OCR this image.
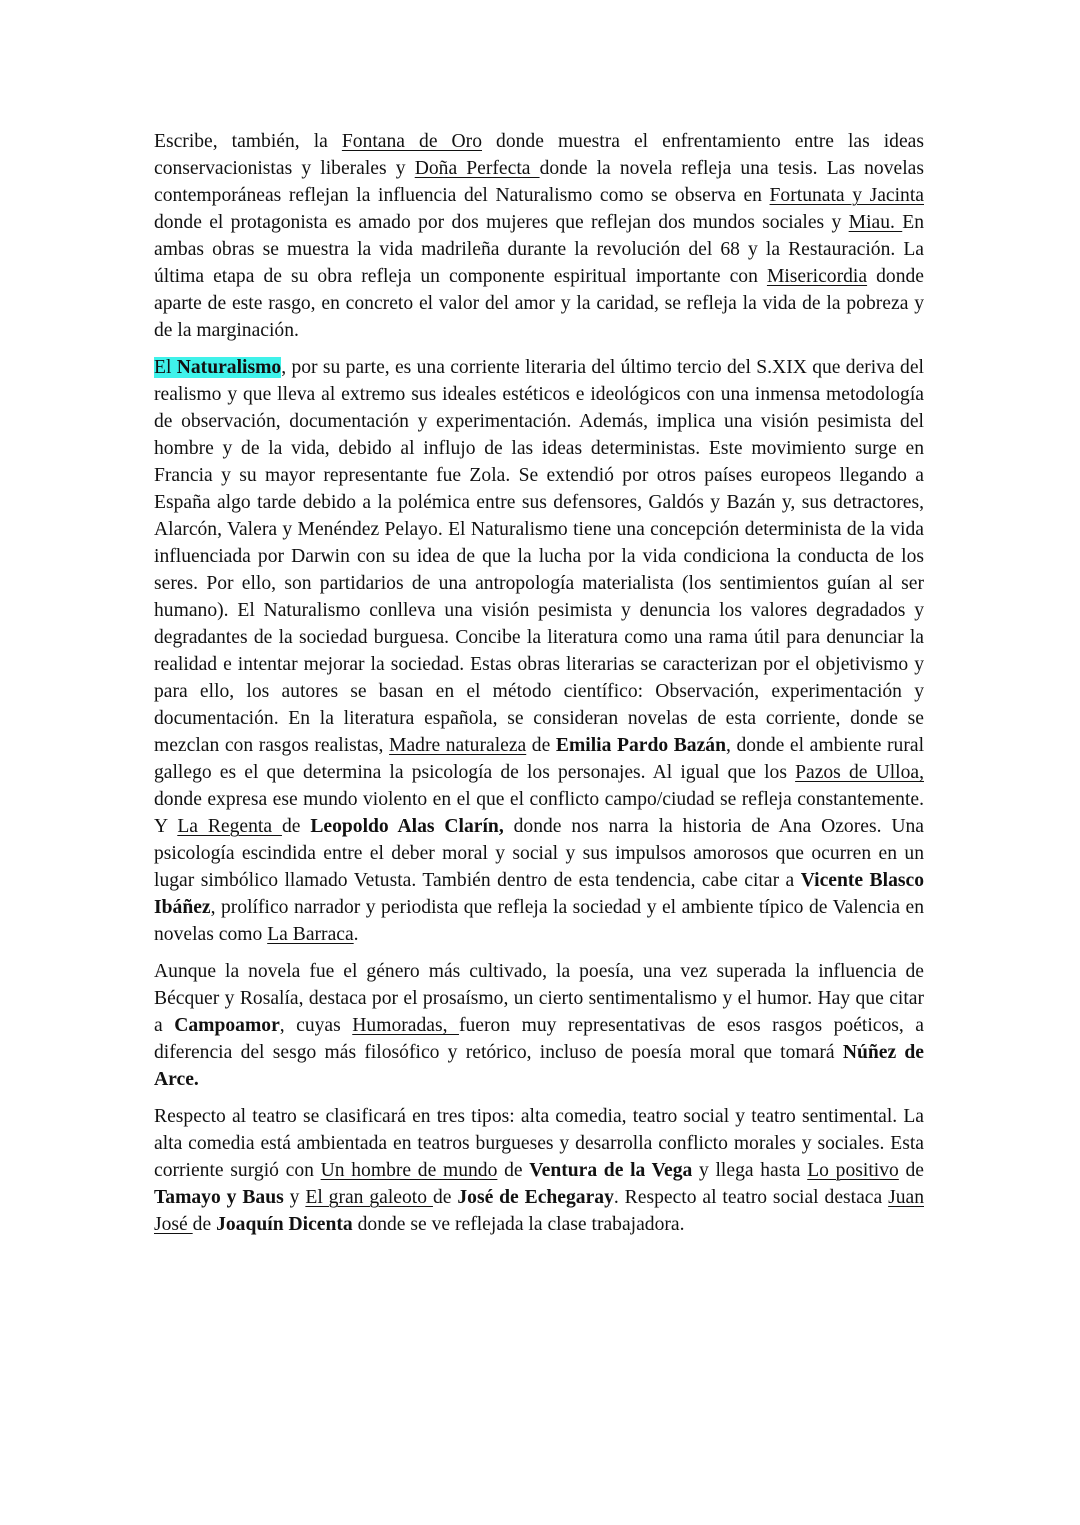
Escribe, también, la Fontana de Oro donde muestra el enfrentamiento entre las ideas conservacionistas y liberales y Doña Perfecta donde la novela refleja una tesis. Las novelas contemporáneas reflejan la influencia del Naturalismo como se observa en Fortunata y Jacinta donde el protagonista es amado por dos mujeres que reflejan dos mundos sociales y Miau. En ambas obras se muestra la vida madrileña durante la revolución del 68 y la Restauración. La última etapa de su obra refleja un componente espiritual importante con Misericordia donde aparte de este rasgo, en concreto el valor del amor y la caridad, se refleja la vida de la pobreza y de la marginación.

El Naturalismo, por su parte, es una corriente literaria del último tercio del S.XIX que deriva del realismo y que lleva al extremo sus ideales estéticos e ideológicos con una inmensa metodología de observación, documentación y experimentación. Además, implica una visión pesimista del hombre y de la vida, debido al influjo de las ideas deterministas. Este movimiento surge en Francia y su mayor representante fue Zola. Se extendió por otros países europeos llegando a España algo tarde debido a la polémica entre sus defensores, Galdós y Bazán y, sus detractores, Alarcón, Valera y Menéndez Pelayo. El Naturalismo tiene una concepción determinista de la vida influenciada por Darwin con su idea de que la lucha por la vida condiciona la conducta de los seres. Por ello, son partidarios de una antropología materialista (los sentimientos guían al ser humano). El Naturalismo conlleva una visión pesimista y denuncia los valores degradados y degradantes de la sociedad burguesa. Concibe la literatura como una rama útil para denunciar la realidad e intentar mejorar la sociedad. Estas obras literarias se caracterizan por el objetivismo y para ello, los autores se basan en el método científico: Observación, experimentación y documentación. En la literatura española, se consideran novelas de esta corriente, donde se mezclan con rasgos realistas, Madre naturaleza de Emilia Pardo Bazán, donde el ambiente rural gallego es el que determina la psicología de los personajes. Al igual que los Pazos de Ulloa, donde expresa ese mundo violento en el que el conflicto campo/ciudad se refleja constantemente. Y La Regenta de Leopoldo Alas Clarín, donde nos narra la historia de Ana Ozores. Una psicología escindida entre el deber moral y social y sus impulsos amorosos que ocurren en un lugar simbólico llamado Vetusta. También dentro de esta tendencia, cabe citar a Vicente Blasco Ibáñez, prolífico narrador y periodista que refleja la sociedad y el ambiente típico de Valencia en novelas como La Barraca.

Aunque la novela fue el género más cultivado, la poesía, una vez superada la influencia de Bécquer y Rosalía, destaca por el prosaísmo, un cierto sentimentalismo y el humor. Hay que citar a Campoamor, cuyas Humoradas, fueron muy representativas de esos rasgos poéticos, a diferencia del sesgo más filosófico y retórico, incluso de poesía moral que tomará Núñez de Arce.

Respecto al teatro se clasificará en tres tipos: alta comedia, teatro social y teatro sentimental. La alta comedia está ambientada en teatros burgueses y desarrolla conflicto morales y sociales. Esta corriente surgió con Un hombre de mundo de Ventura de la Vega y llega hasta Lo positivo de Tamayo y Baus y El gran galeoto de José de Echegaray. Respecto al teatro social destaca Juan José de Joaquín Dicenta donde se ve reflejada la clase trabajadora.
